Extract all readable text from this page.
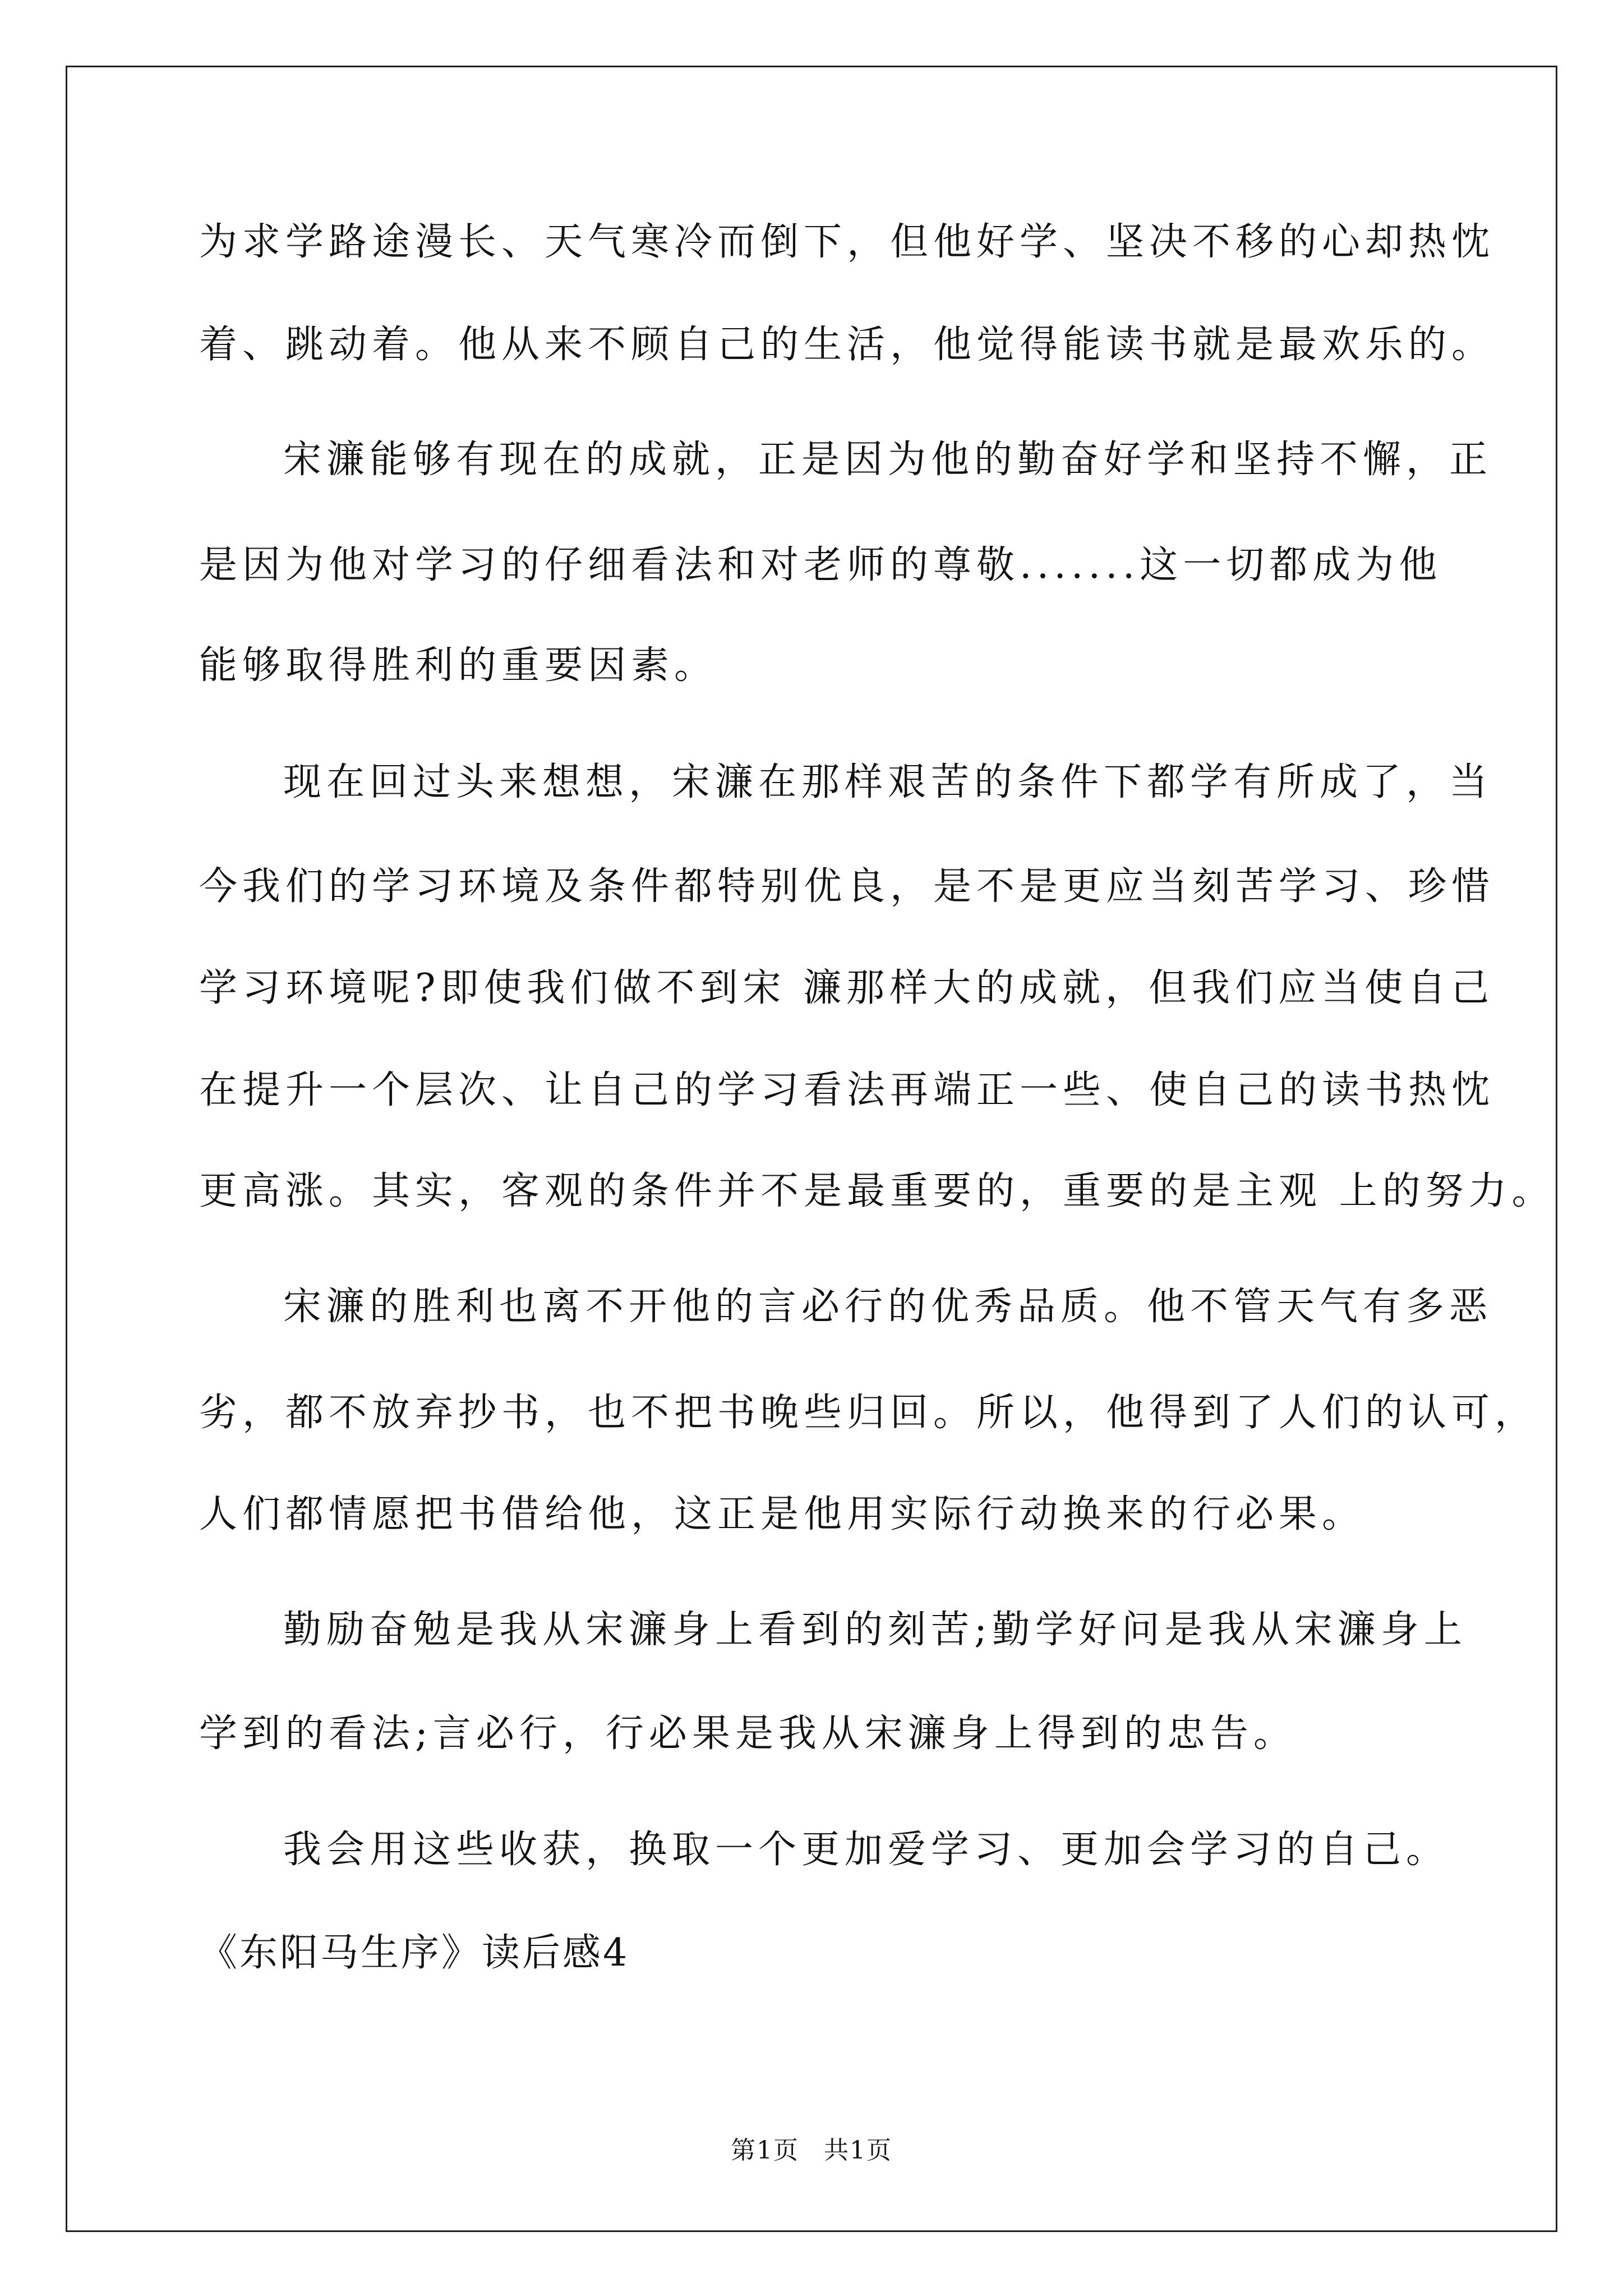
为求学路途漫长、天气寒冷而倒下，但他好学、坚决不移的心却热忱
着、跳动着。他从来不顾自己的生活，他觉得能读书就是最欢乐的。
宋濂能够有现在的成就，正是因为他的勤奋好学和坚持不懈，正
是因为他对学习的仔细看法和对老师的尊敬.......这一切都成为他
能够取得胜利的重要因素。
现在回过头来想想，宋濂在那样艰苦的条件下都学有所成了，当
今我们的学习环境及条件都特别优良，是不是更应当刻苦学习、珍惜
学习环境呢?即使我们做不到宋 濂那样大的成就，但我们应当使自己
在提升一个层次、让自己的学习看法再端正一些、使自己的读书热忱
更高涨。其实，客观的条件并不是最重要的，重要的是主观 上的努力。
宋濂的胜利也离不开他的言必行的优秀品质。他不管天气有多恶
劣，都不放弃抄书，也不把书晚些归回。所以，他得到了人们的认可，
人们都情愿把书借给他，这正是他用实际行动换来的行必果。
勤励奋勉是我从宋濂身上看到的刻苦;勤学好问是我从宋濂身上
学到的看法;言必行，行必果是我从宋濂身上得到的忠告。
我会用这些收获，换取一个更加爱学习、更加会学习的自己。
《东阳马生序》读后感4
第1页 共1页
